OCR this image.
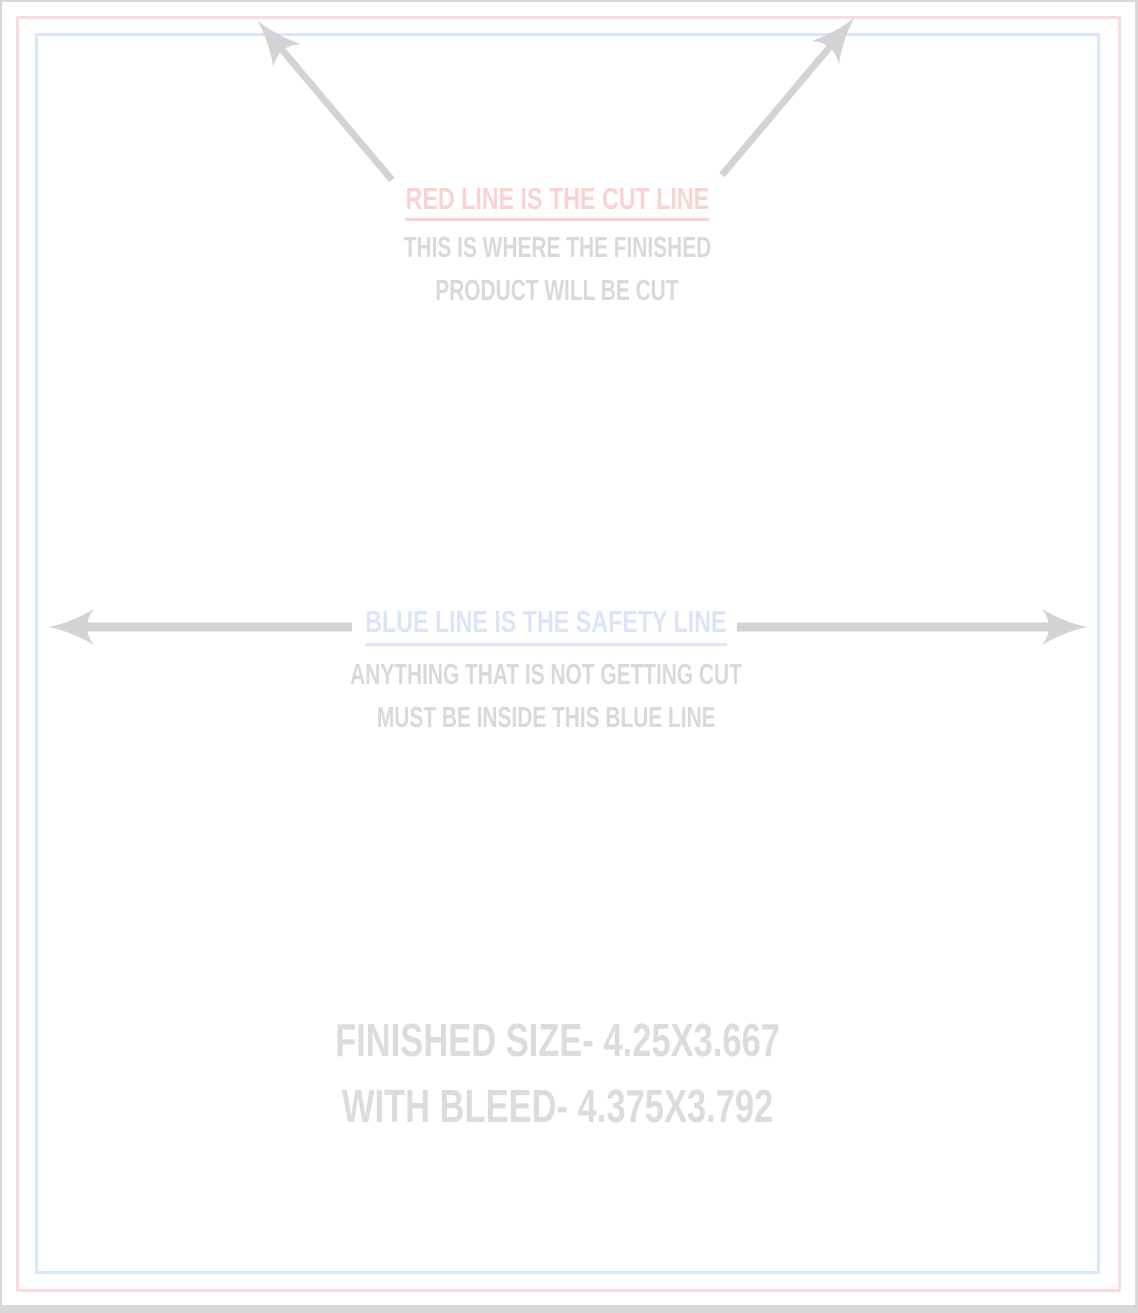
RED LINE IS THE CUT LINE
THIS IS WHERE THE FINISHED
PRODUCT WILL BE CUT
BLUE LINE IS THE SAFETY LINE
ANYTHING THAT IS NOT GETTING CUT
MUST BE INSIDE THIS BLUE LINE
FINISHED SIZE- 4.25X3.667
WITH BLEED- 4.375X3.792
